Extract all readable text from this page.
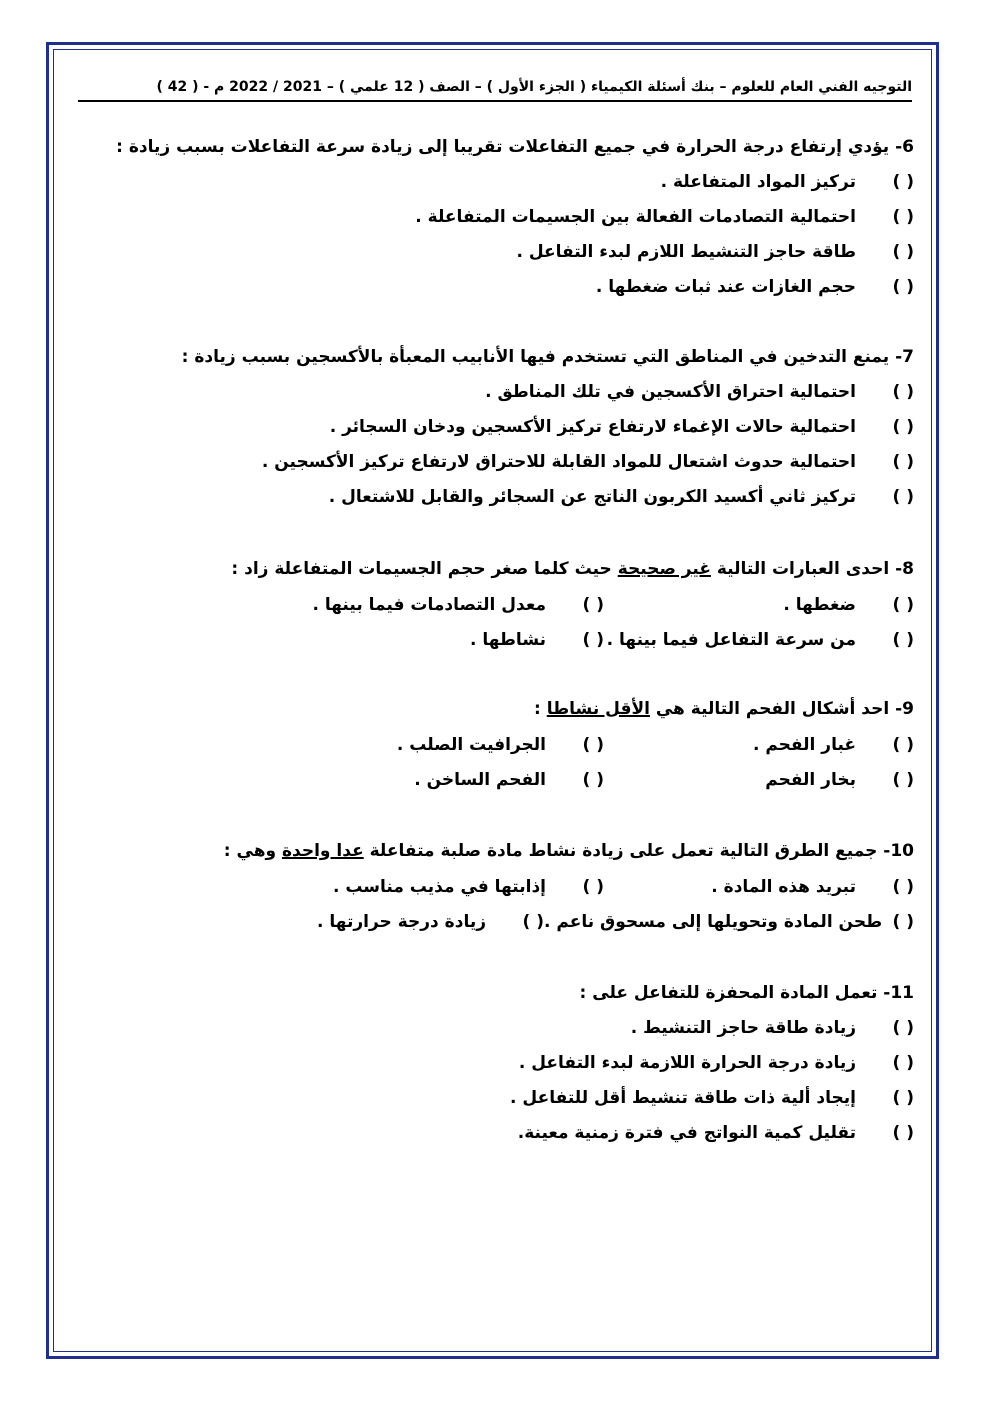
التوجيه الفني العام للعلوم – بنك أسئلة الكيمياء ( الجزء الأول ) – الصف ( 12 علمي ) – 2021 / 2022 م - ( 42 )
6- يؤدي إرتفاع درجة الحرارة في جميع التفاعلات تقريبا إلى زيادة سرعة التفاعلات بسبب زيادة :
( )
تركيز المواد المتفاعلة .
( )
احتمالية التصادمات الفعالة بين الجسيمات المتفاعلة .
( )
طاقة حاجز التنشيط اللازم لبدء التفاعل .
( )
حجم الغازات عند ثبات ضغطها .
7- يمنع التدخين في المناطق التي تستخدم فيها الأنابيب المعبأة بالأكسجين بسبب زيادة :
( )
احتمالية احتراق الأكسجين في تلك المناطق .
( )
احتمالية حالات الإغماء لارتفاع تركيز الأكسجين ودخان السجائر .
( )
احتمالية حدوث اشتعال للمواد القابلة للاحتراق لارتفاع تركيز الأكسجين .
( )
تركيز ثاني أكسيد الكربون الناتج عن السجائر والقابل للاشتعال .
8- احدى العبارات التالية غير صحيحة حيث كلما صغر حجم الجسيمات المتفاعلة زاد :
( )
ضغطها .
( )
معدل التصادمات فيما بينها .
( )
من سرعة التفاعل فيما بينها .
( )
نشاطها .
9- احد أشكال الفحم التالية هي الأقل نشاطا :
( )
غبار الفحم .
( )
الجرافيت الصلب .
( )
بخار الفحم
( )
الفحم الساخن .
10- جميع الطرق التالية تعمل على زيادة نشاط مادة صلبة متفاعلة عدا واحدة وهي :
( )
تبريد هذه المادة .
( )
إذابتها في مذيب مناسب .
( )
طحن المادة وتحويلها إلى مسحوق ناعم .
( )
زيادة درجة حرارتها .
11- تعمل المادة المحفزة للتفاعل على :
( )
زيادة طاقة حاجز التنشيط .
( )
زيادة درجة الحرارة اللازمة لبدء التفاعل .
( )
إيجاد ألية ذات طاقة تنشيط أقل للتفاعل .
( )
تقليل كمية النواتج في فترة زمنية معينة.
